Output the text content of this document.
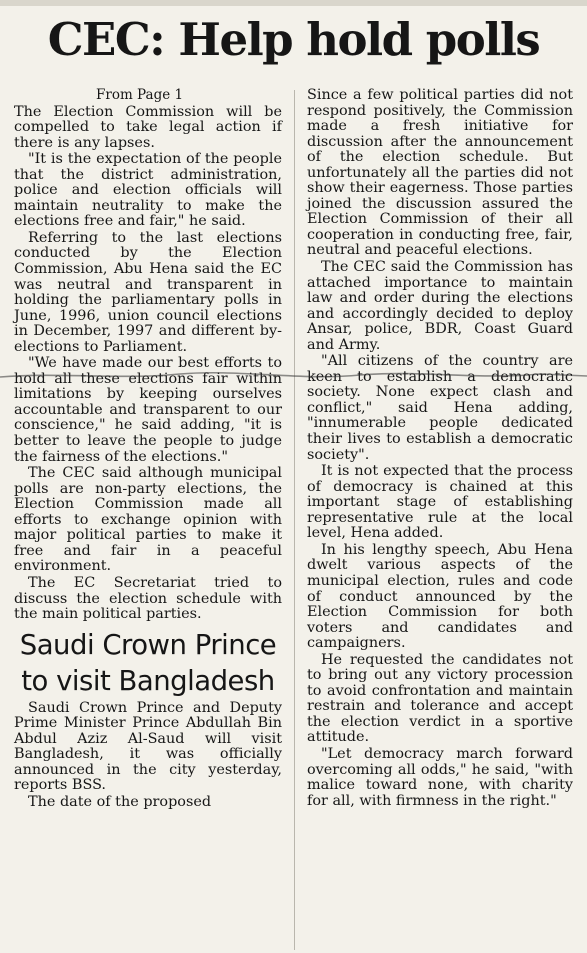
CEC: Help hold polls

From Page 1

The Election Commission will be compelled to take legal action if there is any lapses.

"It is the expectation of the people that the district administration, police and election officials will maintain neutrality to make the elections free and fair," he said.

Referring to the last elections conducted by the Election Commission, Abu Hena said the EC was neutral and transparent in holding the parliamentary polls in June, 1996, union council elections in December, 1997 and different by-elections to Parliament.

"We have made our best efforts to hold all these elections fair within limitations by keeping ourselves accountable and transparent to our conscience," he said adding, "it is better to leave the people to judge the fairness of the elections."

The CEC said although municipal polls are non-party elections, the Election Commission made all efforts to exchange opinion with major political parties to make it free and fair in a peaceful environment.

The EC Secretariat tried to discuss the election schedule with the main political parties.

Saudi Crown Prince to visit Bangladesh

Saudi Crown Prince and Deputy Prime Minister Prince Abdullah Bin Abdul Aziz Al-Saud will visit Bangladesh, it was officially announced in the city yesterday, reports BSS.

The date of the proposed

Since a few political parties did not respond positively, the Commission made a fresh initiative for discussion after the announcement of the election schedule. But unfortunately all the parties did not show their eagerness. Those parties joined the discussion assured the Election Commission of their all cooperation in conducting free, fair, neutral and peaceful elections.

The CEC said the Commission has attached importance to maintain law and order during the elections and accordingly decided to deploy Ansar, police, BDR, Coast Guard and Army.

"All citizens of the country are keen to establish a democratic society. None expect clash and conflict," said Hena adding, "innumerable people dedicated their lives to establish a democratic society".

It is not expected that the process of democracy is chained at this important stage of establishing representative rule at the local level, Hena added.

In his lengthy speech, Abu Hena dwelt various aspects of the municipal election, rules and code of conduct announced by the Election Commission for both voters and candidates and campaigners.

He requested the candidates not to bring out any victory procession to avoid confrontation and maintain restrain and tolerance and accept the election verdict in a sportive attitude.

"Let democracy march forward overcoming all odds," he said, "with malice toward none, with charity for all, with firmness in the right."
